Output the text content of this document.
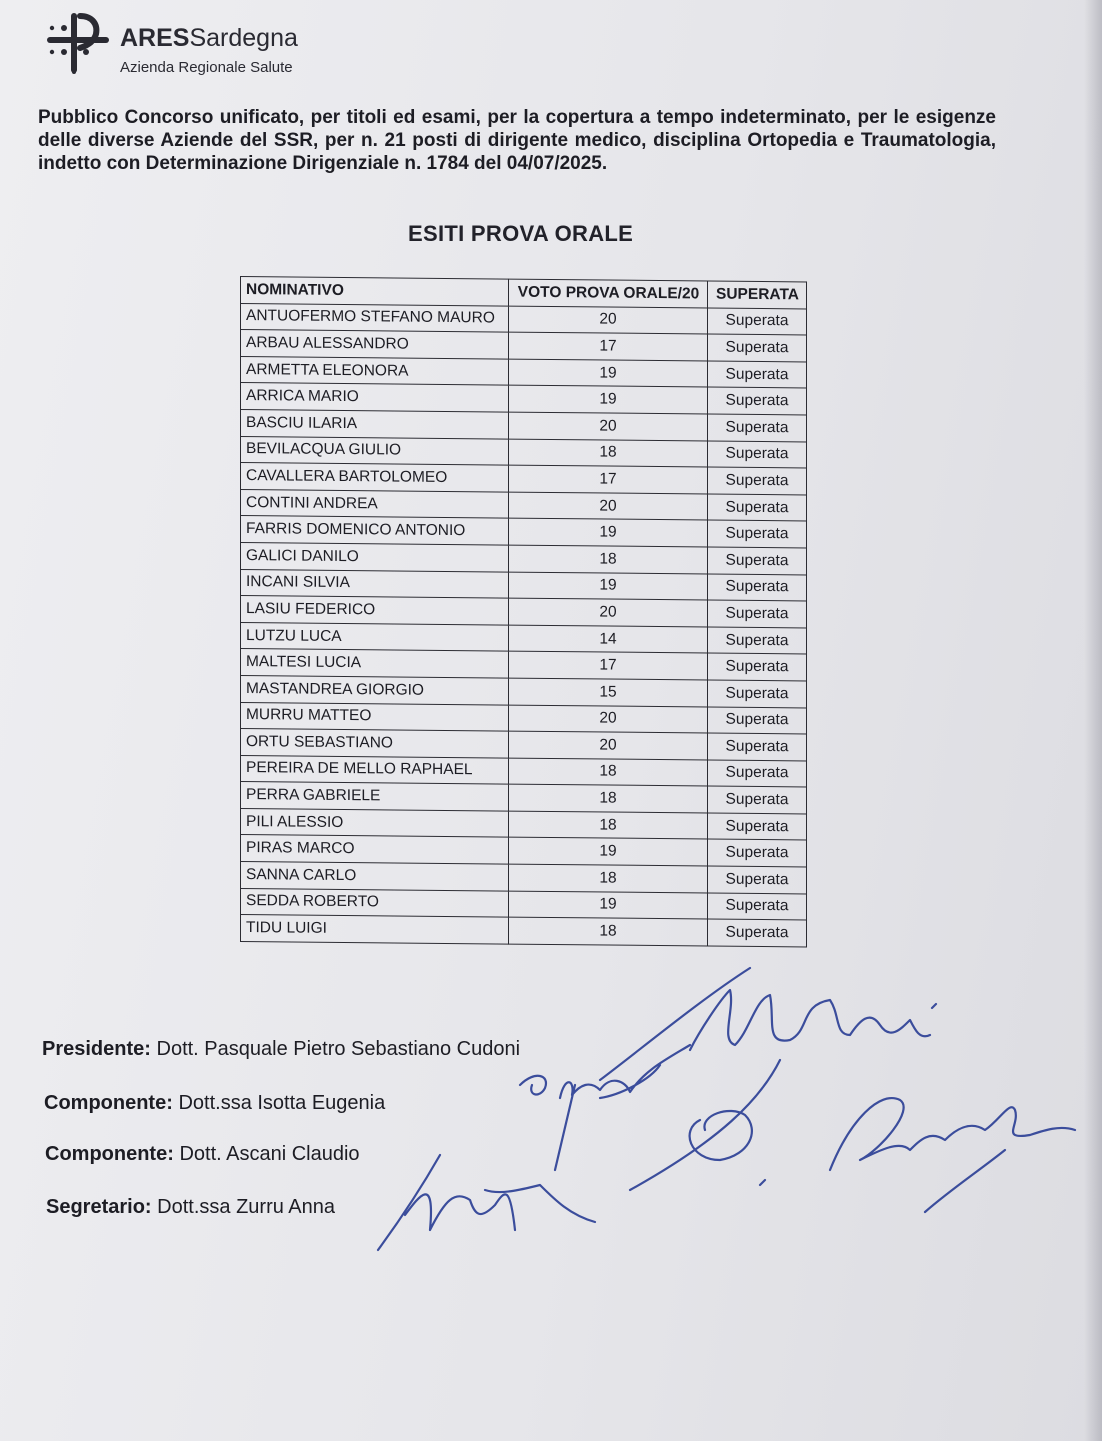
ARESSardegna
Azienda Regionale Salute
Pubblico Concorso unificato, per titoli ed esami, per la copertura a tempo indeterminato, per le esigenze delle diverse Aziende del SSR, per n. 21 posti di dirigente medico, disciplina Ortopedia e Traumatologia, indetto con Determinazione Dirigenziale n. 1784 del 04/07/2025.
ESITI PROVA ORALE
NOMINATIVO	VOTO PROVA ORALE/20	SUPERATA
ANTUOFERMO STEFANO MAURO	20	Superata
ARBAU ALESSANDRO	17	Superata
ARMETTA ELEONORA	19	Superata
ARRICA MARIO	19	Superata
BASCIU ILARIA	20	Superata
BEVILACQUA GIULIO	18	Superata
CAVALLERA BARTOLOMEO	17	Superata
CONTINI ANDREA	20	Superata
FARRIS DOMENICO ANTONIO	19	Superata
GALICI DANILO	18	Superata
INCANI SILVIA	19	Superata
LASIU FEDERICO	20	Superata
LUTZU LUCA	14	Superata
MALTESI LUCIA	17	Superata
MASTANDREA GIORGIO	15	Superata
MURRU MATTEO	20	Superata
ORTU SEBASTIANO	20	Superata
PEREIRA DE MELLO RAPHAEL	18	Superata
PERRA GABRIELE	18	Superata
PILI ALESSIO	18	Superata
PIRAS MARCO	19	Superata
SANNA CARLO	18	Superata
SEDDA ROBERTO	19	Superata
TIDU LUIGI	18	Superata
Presidente: Dott. Pasquale Pietro Sebastiano Cudoni
Componente: Dott.ssa Isotta Eugenia
Componente: Dott. Ascani Claudio
Segretario: Dott.ssa Zurru Anna
